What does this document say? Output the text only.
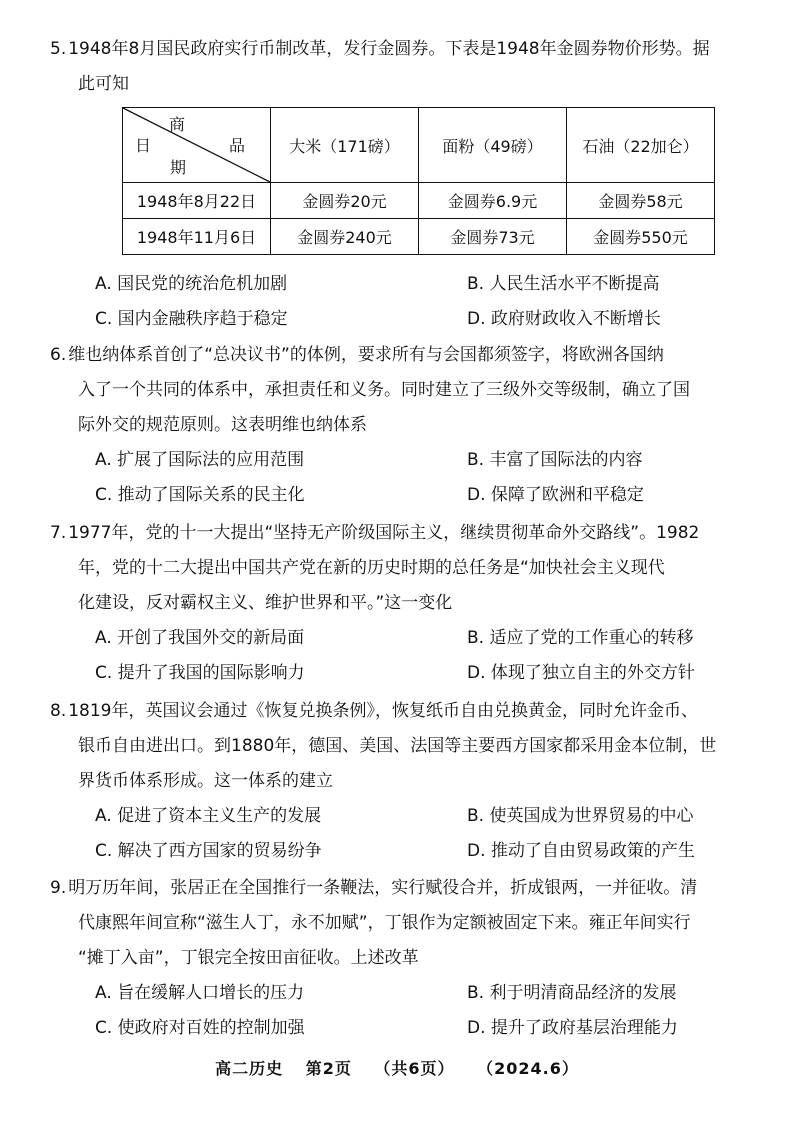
5. 1948年8月国民政府实行币制改革，发行金圆券。下表是1948年金圆券物价形势。据
此可知

商
品
日
期	大米（171磅）	面粉（49磅）	石油（22加仑）
1948年8月22日	金圆券20元	金圆券6.9元	金圆券58元
1948年11月6日	金圆券240元	金圆券73元	金圆券550元
A. 国民党的统治危机加剧	B. 人民生活水平不断提高
C. 国内金融秩序趋于稳定	D. 政府财政收入不断增长

6. 维也纳体系首创了“总决议书”的体例，要求所有与会国都须签字，将欧洲各国纳
入了一个共同的体系中，承担责任和义务。同时建立了三级外交等级制，确立了国
际外交的规范原则。这表明维也纳体系

A. 扩展了国际法的应用范围	B. 丰富了国际法的内容
C. 推动了国际关系的民主化	D. 保障了欧洲和平稳定

7. 1977年，党的十一大提出“坚持无产阶级国际主义，继续贯彻革命外交路线”。1982
年，党的十二大提出中国共产党在新的历史时期的总任务是“加快社会主义现代
化建设，反对霸权主义、维护世界和平。”这一变化

A. 开创了我国外交的新局面	B. 适应了党的工作重心的转移
C. 提升了我国的国际影响力	D. 体现了独立自主的外交方针

8. 1819年，英国议会通过《恢复兑换条例》，恢复纸币自由兑换黄金，同时允许金币、
银币自由进出口。到1880年，德国、美国、法国等主要西方国家都采用金本位制，世
界货币体系形成。这一体系的建立

A. 促进了资本主义生产的发展	B. 使英国成为世界贸易的中心
C. 解决了西方国家的贸易纷争	D. 推动了自由贸易政策的产生

9. 明万历年间，张居正在全国推行一条鞭法，实行赋役合并，折成银两，一并征收。清
代康熙年间宣称“滋生人丁，永不加赋”，丁银作为定额被固定下来。雍正年间实行
“摊丁入亩”，丁银完全按田亩征收。上述改革

A. 旨在缓解人口增长的压力	B. 利于明清商品经济的发展
C. 使政府对百姓的控制加强	D. 提升了政府基层治理能力
高二历史 第2页 （共6页） （2024.6）
